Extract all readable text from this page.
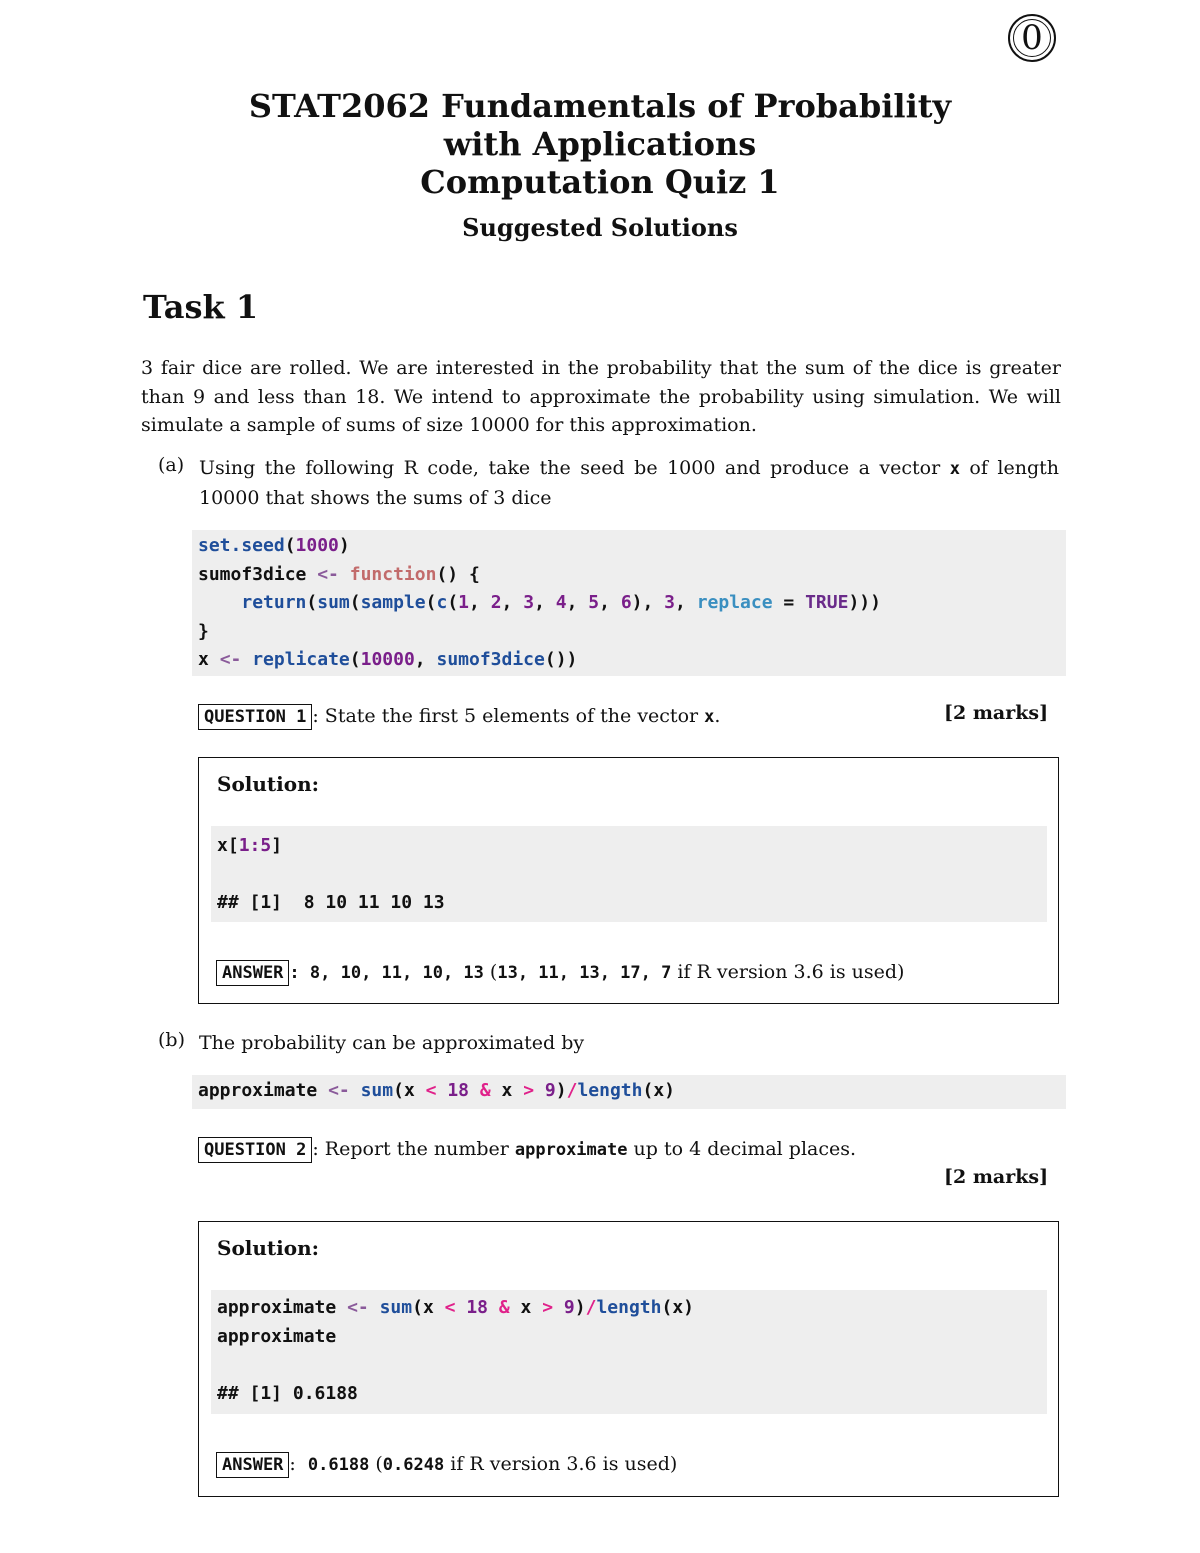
0
STAT2062 Fundamentals of Probability
with Applications
Computation Quiz 1
Suggested Solutions
Task 1
3 fair dice are rolled. We are interested in the probability that the sum of the dice is greater than 9 and less than 18. We intend to approximate the probability using simulation. We will simulate a sample of sums of size 10000 for this approximation.
(a) Using the following R code, take the seed be 1000 and produce a vector x of length 10000 that shows the sums of 3 dice
set.seed(1000)
sumof3dice <- function() {
return(sum(sample(c(1, 2, 3, 4, 5, 6), 3, replace = TRUE)))
}
x <- replicate(10000, sumof3dice())
QUESTION 1 : State the first 5 elements of the vector x.	[2 marks]
Solution:
x[1:5]

## [1]  8 10 11 10 13
ANSWER : 8, 10, 11, 10, 13 (13, 11, 13, 17, 7 if R version 3.6 is used)
(b) The probability can be approximated by
approximate <- sum(x < 18 & x > 9)/length(x)
QUESTION 2 : Report the number approximate up to 4 decimal places.
[2 marks]
Solution:
approximate <- sum(x < 18 & x > 9)/length(x)
approximate

## [1] 0.6188
ANSWER : 0.6188 (0.6248 if R version 3.6 is used)
